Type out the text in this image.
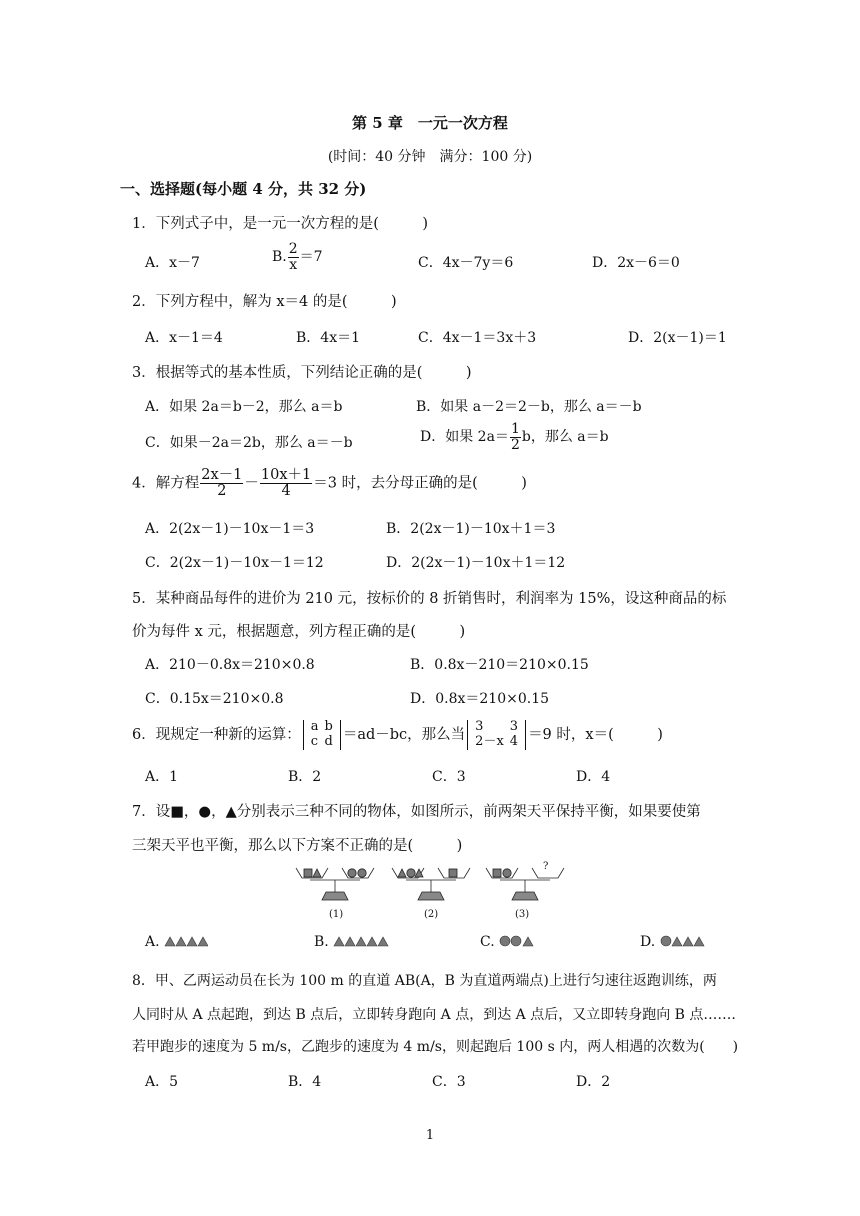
第 5 章　一元一次方程
(时间：40 分钟　满分：100 分)
一、选择题(每小题 4 分，共 32 分)
1．下列式子中，是一元一次方程的是(　　　)
A．x－7	B. $\frac{2}{x} =7$	C．4x－7y＝6	D．2x－6＝0
2．下列方程中，解为 x＝4 的是(　　　)
A．x－1＝4	B．4x＝1	C．4x－1＝3x＋3	D．2(x－1)＝1
3．根据等式的基本性质，下列结论正确的是(　　　)
A．如果 2a＝b－2，那么 a＝b	B．如果 a－2＝2－b，那么 a＝－b
C．如果－2a＝2b，那么 a＝－b	D．如果 $2a= \frac{1}{2}$ b，那么 a＝b
4．解方程 $\frac{2x-1}{2} - \frac{10x+1}{4} =3$ 时，去分母正确的是(　　　)
A．2(2x－1)－10x－1＝3	B．2(2x－1)－10x＋1＝3
C．2(2x－1)－10x－1＝12	D．2(2x－1)－10x＋1＝12
5．某种商品每件的进价为 210 元，按标价的 8 折销售时，利润率为 15%，设这种商品的标
价为每件 x 元，根据题意，列方程正确的是(　　　)
A．210－0.8x＝210×0.8	B．0.8x－210＝210×0.15
C．0.15x＝210×0.8	D．0.8x＝210×0.15
6．现规定一种新的运算：
a	b
c	d ＝ad－bc，那么当
3	3
2－x	4 ＝9 时，x＝(　　　)
A．1	B．2	C．3	D．4
7．设■，●，▲分别表示三种不同的物体，如图所示，前两架天平保持平衡，如果要使第
三架天平也平衡，那么以下方案不正确的是(　　　)
?
(1)	(2)	(3)
A.	B.	C.	D.
8．甲、乙两运动员在长为 100 m 的直道 AB(A，B 为直道两端点)上进行匀速往返跑训练，两
人同时从 A 点起跑，到达 B 点后，立即转身跑向 A 点，到达 A 点后，又立即转身跑向 B 点…….
若甲跑步的速度为 5 m/s，乙跑步的速度为 4 m/s，则起跑后 100 s 内，两人相遇的次数为(　　)
A．5	B．4	C．3	D．2
1
